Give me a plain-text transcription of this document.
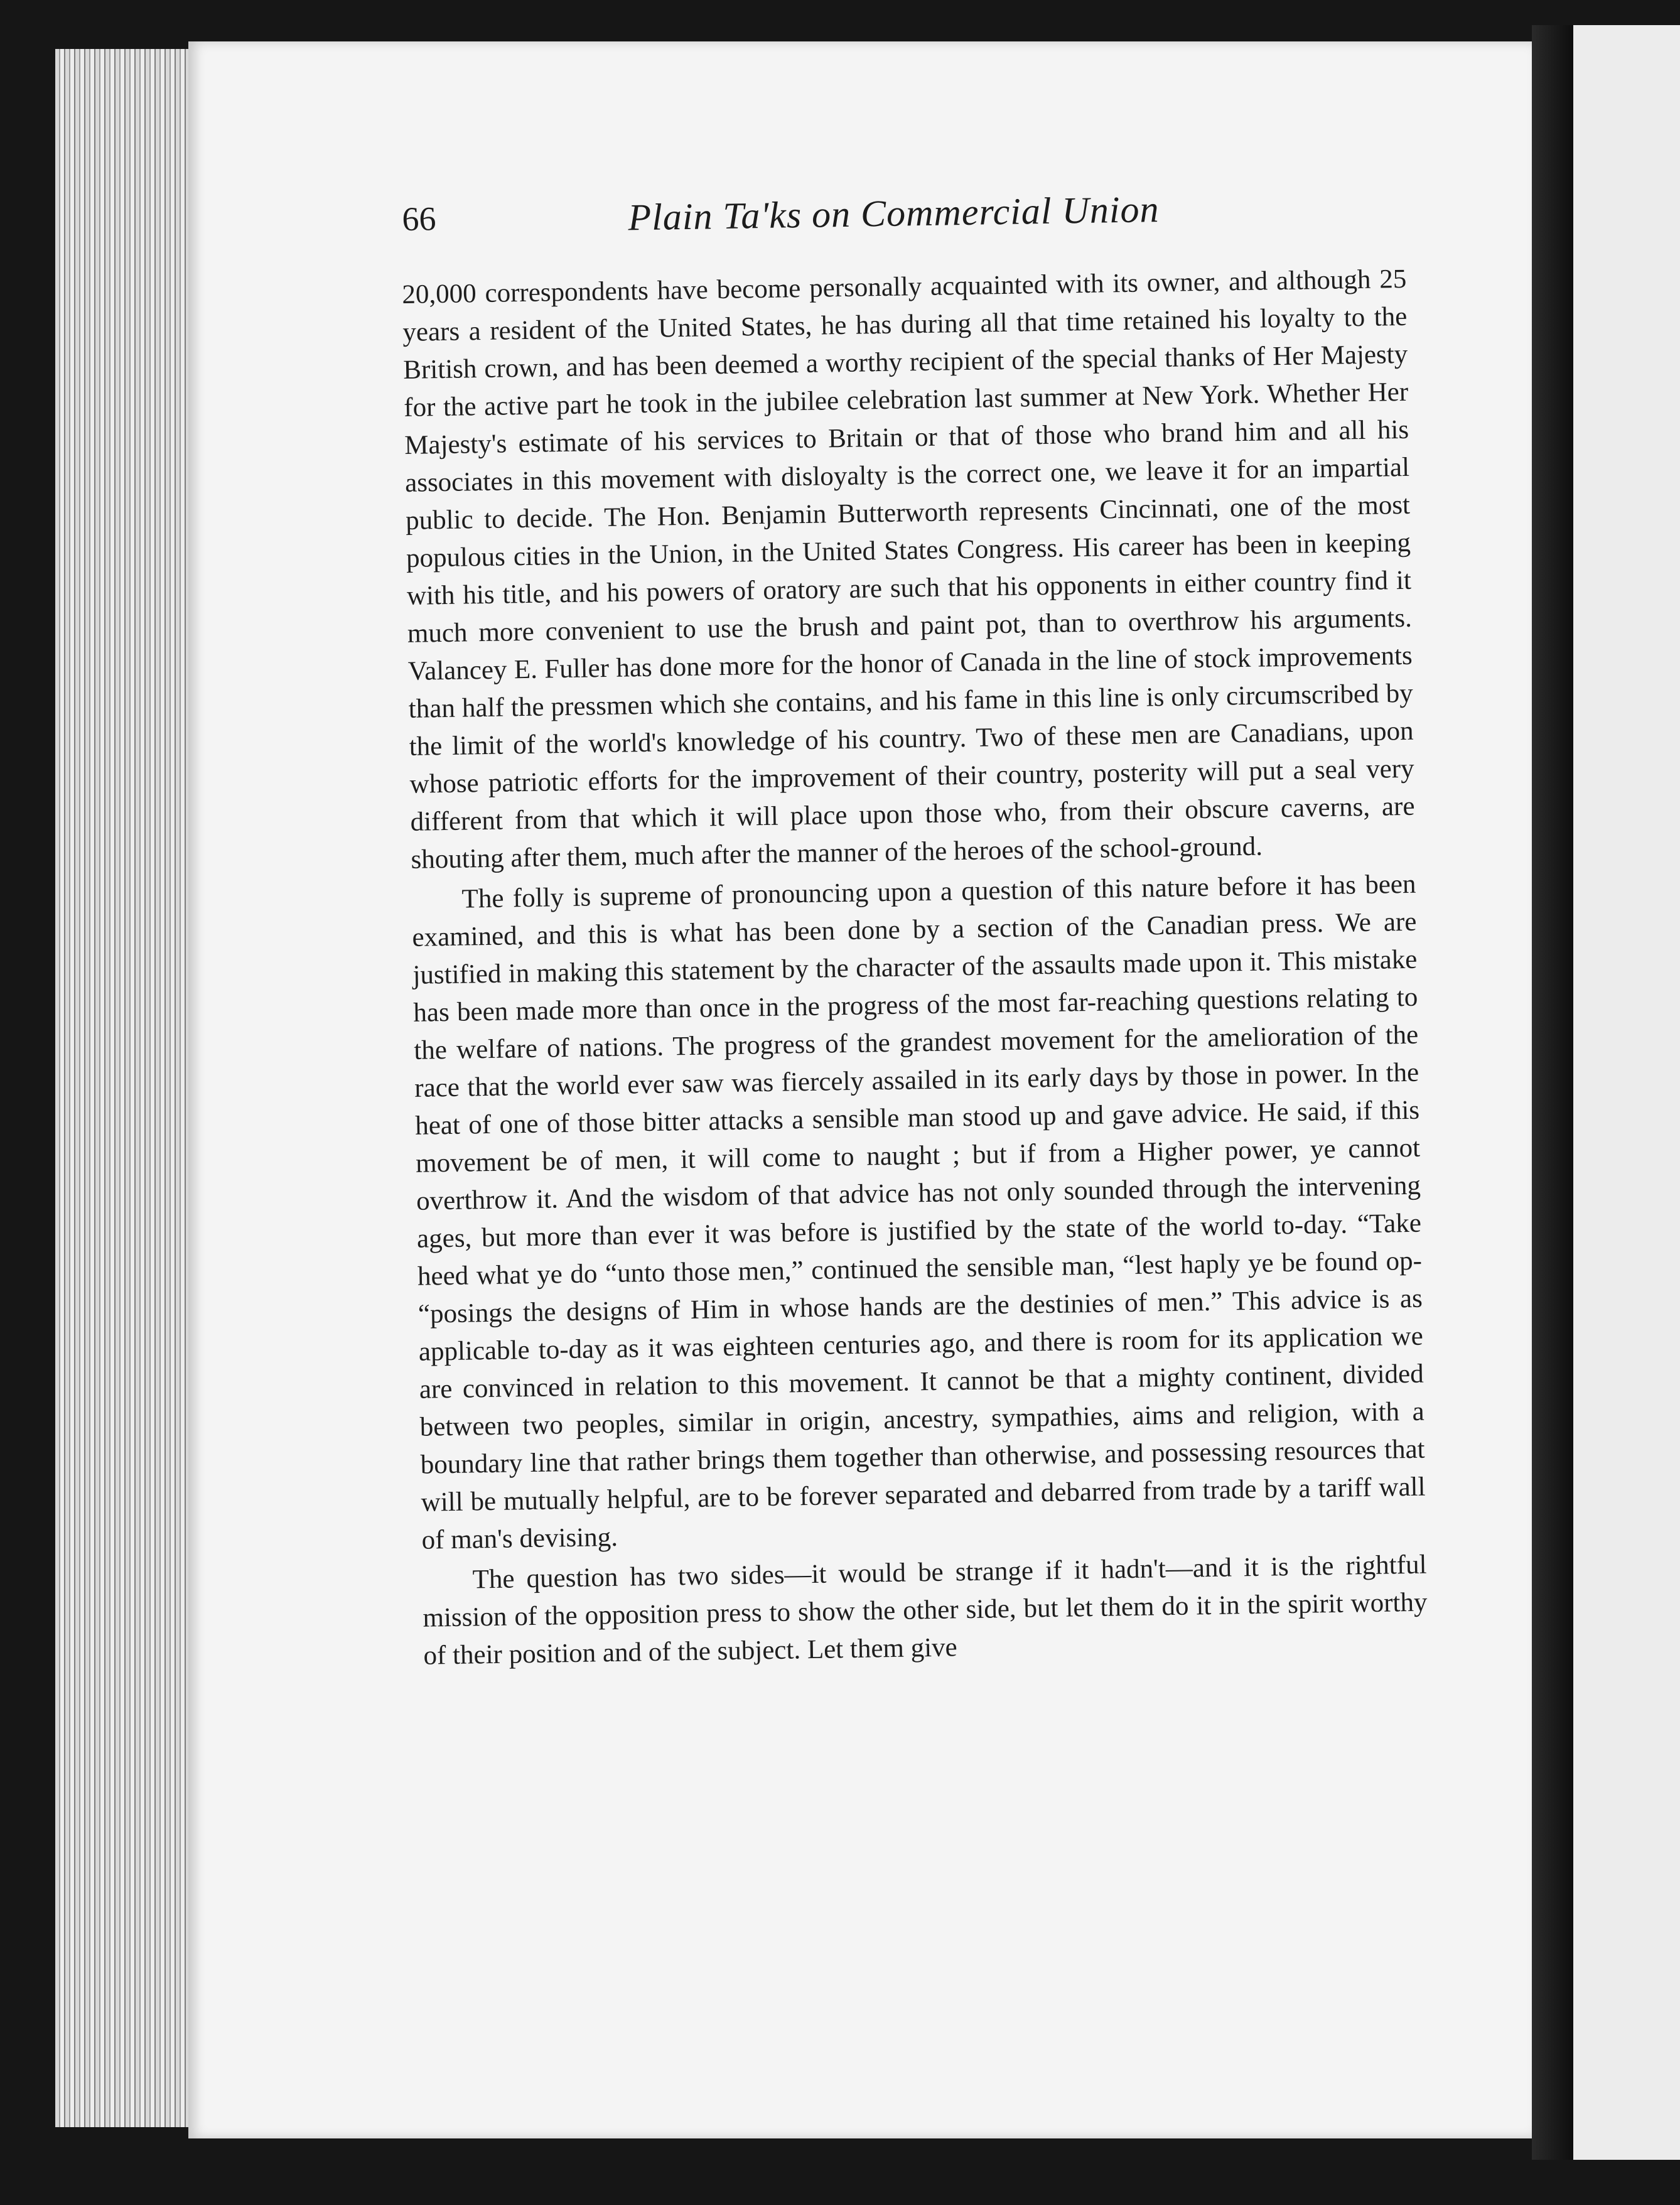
66	Plain Ta'ks on Commercial Union

20,000 correspondents have become personally acquainted with its owner, and although 25 years a resident of the United States, he has during all that time retained his loyalty to the British crown, and has been deemed a worthy recipient of the special thanks of Her Majesty for the active part he took in the jubilee celebration last summer at New York. Whether Her Majesty's estimate of his services to Britain or that of those who brand him and all his associates in this movement with disloyalty is the correct one, we leave it for an impartial public to decide. The Hon. Benjamin Butterworth represents Cincinnati, one of the most populous cities in the Union, in the United States Congress. His career has been in keeping with his title, and his powers of oratory are such that his opponents in either country find it much more convenient to use the brush and paint pot, than to overthrow his arguments. Valancey E. Fuller has done more for the honor of Canada in the line of stock improvements than half the pressmen which she contains, and his fame in this line is only circumscribed by the limit of the world's knowledge of his country. Two of these men are Canadians, upon whose patriotic efforts for the improvement of their country, posterity will put a seal very different from that which it will place upon those who, from their obscure caverns, are shouting after them, much after the manner of the heroes of the school-ground.

The folly is supreme of pronouncing upon a question of this nature before it has been examined, and this is what has been done by a section of the Canadian press. We are justified in making this statement by the character of the assaults made upon it. This mistake has been made more than once in the progress of the most far-reaching questions relating to the welfare of nations. The progress of the grandest movement for the amelioration of the race that the world ever saw was fiercely assailed in its early days by those in power. In the heat of one of those bitter attacks a sensible man stood up and gave advice. He said, if this movement be of men, it will come to naught ; but if from a Higher power, ye cannot overthrow it. And the wisdom of that advice has not only sounded through the intervening ages, but more than ever it was before is justified by the state of the world to-day. “Take heed what ye do “unto those men,” continued the sensible man, “lest haply ye be found op- “posings the designs of Him in whose hands are the destinies of men.” This advice is as applicable to-day as it was eighteen centuries ago, and there is room for its application we are convinced in relation to this movement. It cannot be that a mighty continent, divided between two peoples, similar in origin, ancestry, sympathies, aims and religion, with a boundary line that rather brings them together than otherwise, and possessing resources that will be mutually helpful, are to be forever separated and debarred from trade by a tariff wall of man's devising.

The question has two sides—it would be strange if it hadn't—and it is the rightful mission of the opposition press to show the other side, but let them do it in the spirit worthy of their position and of the subject. Let them give
